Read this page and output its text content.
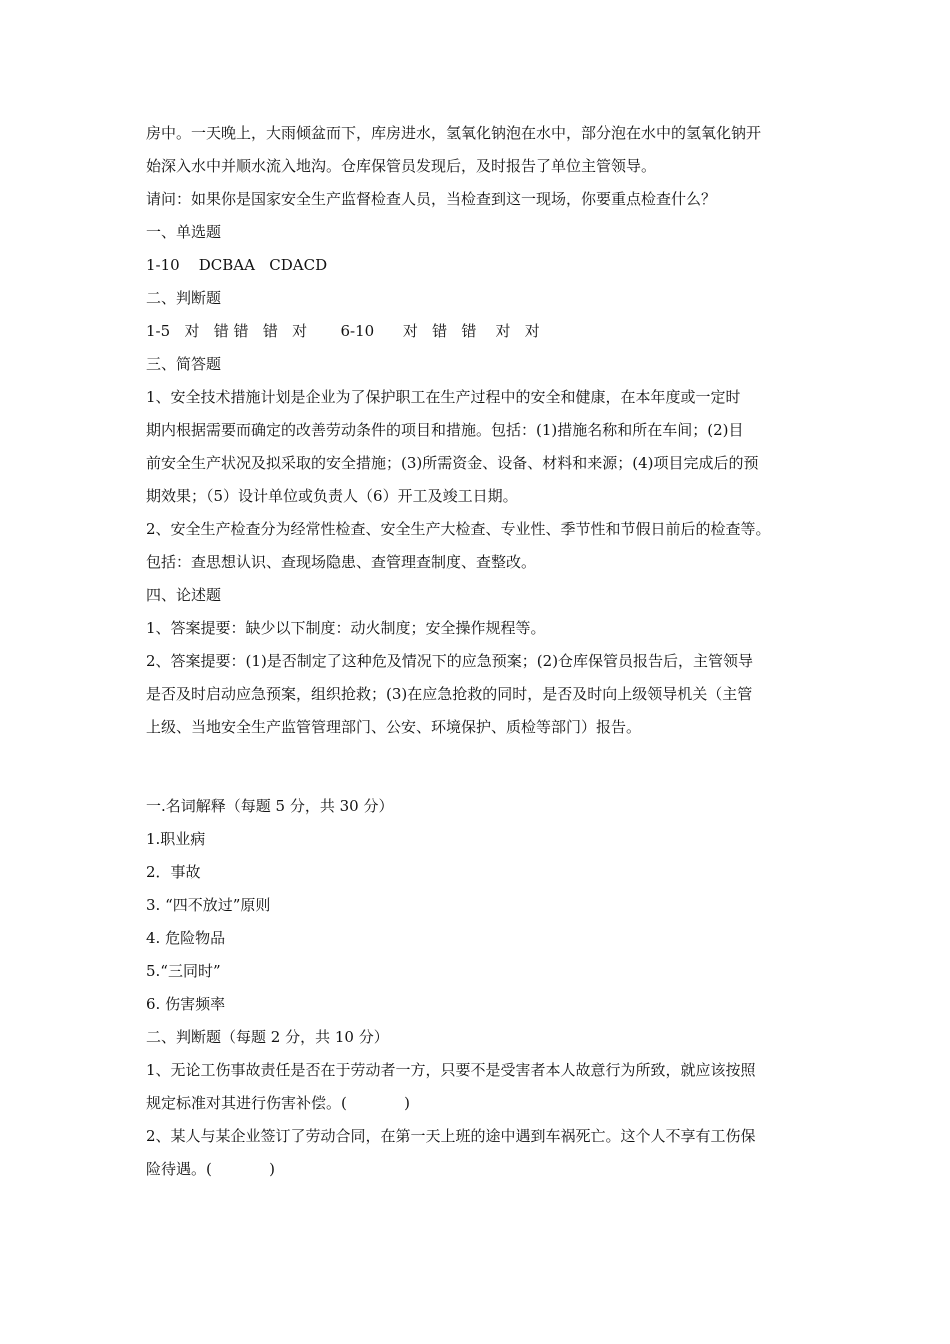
房中。一天晚上，大雨倾盆而下，库房进水，氢氧化钠泡在水中，部分泡在水中的氢氧化钠开
始深入水中并顺水流入地沟。仓库保管员发现后，及时报告了单位主管领导。
请问：如果你是国家安全生产监督检查人员，当检查到这一现场，你要重点检查什么？
一、单选题
1-10    DCBAA   CDACD
二、判断题
1-5   对   错 错   错   对       6-10      对   错   错    对   对
三、简答题
1、安全技术措施计划是企业为了保护职工在生产过程中的安全和健康，在本年度或一定时
期内根据需要而确定的改善劳动条件的项目和措施。包括：(1)措施名称和所在车间；(2)目
前安全生产状况及拟采取的安全措施；(3)所需资金、设备、材料和来源；(4)项目完成后的预
期效果；（5）设计单位或负责人（6）开工及竣工日期。
2、安全生产检查分为经常性检查、安全生产大检查、专业性、季节性和节假日前后的检查等。
包括：查思想认识、查现场隐患、查管理查制度、查整改。
四、论述题
1、答案提要：缺少以下制度：动火制度；安全操作规程等。
2、答案提要：(1)是否制定了这种危及情况下的应急预案；(2)仓库保管员报告后，主管领导
是否及时启动应急预案，组织抢救；(3)在应急抢救的同时，是否及时向上级领导机关（主管
上级、当地安全生产监管管理部门、公安、环境保护、质检等部门）报告。
一.名词解释（每题 5 分，共 30 分）
1.职业病
2．事故
3. “四不放过”原则
4. 危险物品
5.“三同时”
6. 伤害频率
二、判断题（每题 2 分，共 10 分）
1、无论工伤事故责任是否在于劳动者一方，只要不是受害者本人故意行为所致，就应该按照
规定标准对其进行伤害补偿。(            )
2、某人与某企业签订了劳动合同，在第一天上班的途中遇到车祸死亡。这个人不享有工伤保
险待遇。(            )
